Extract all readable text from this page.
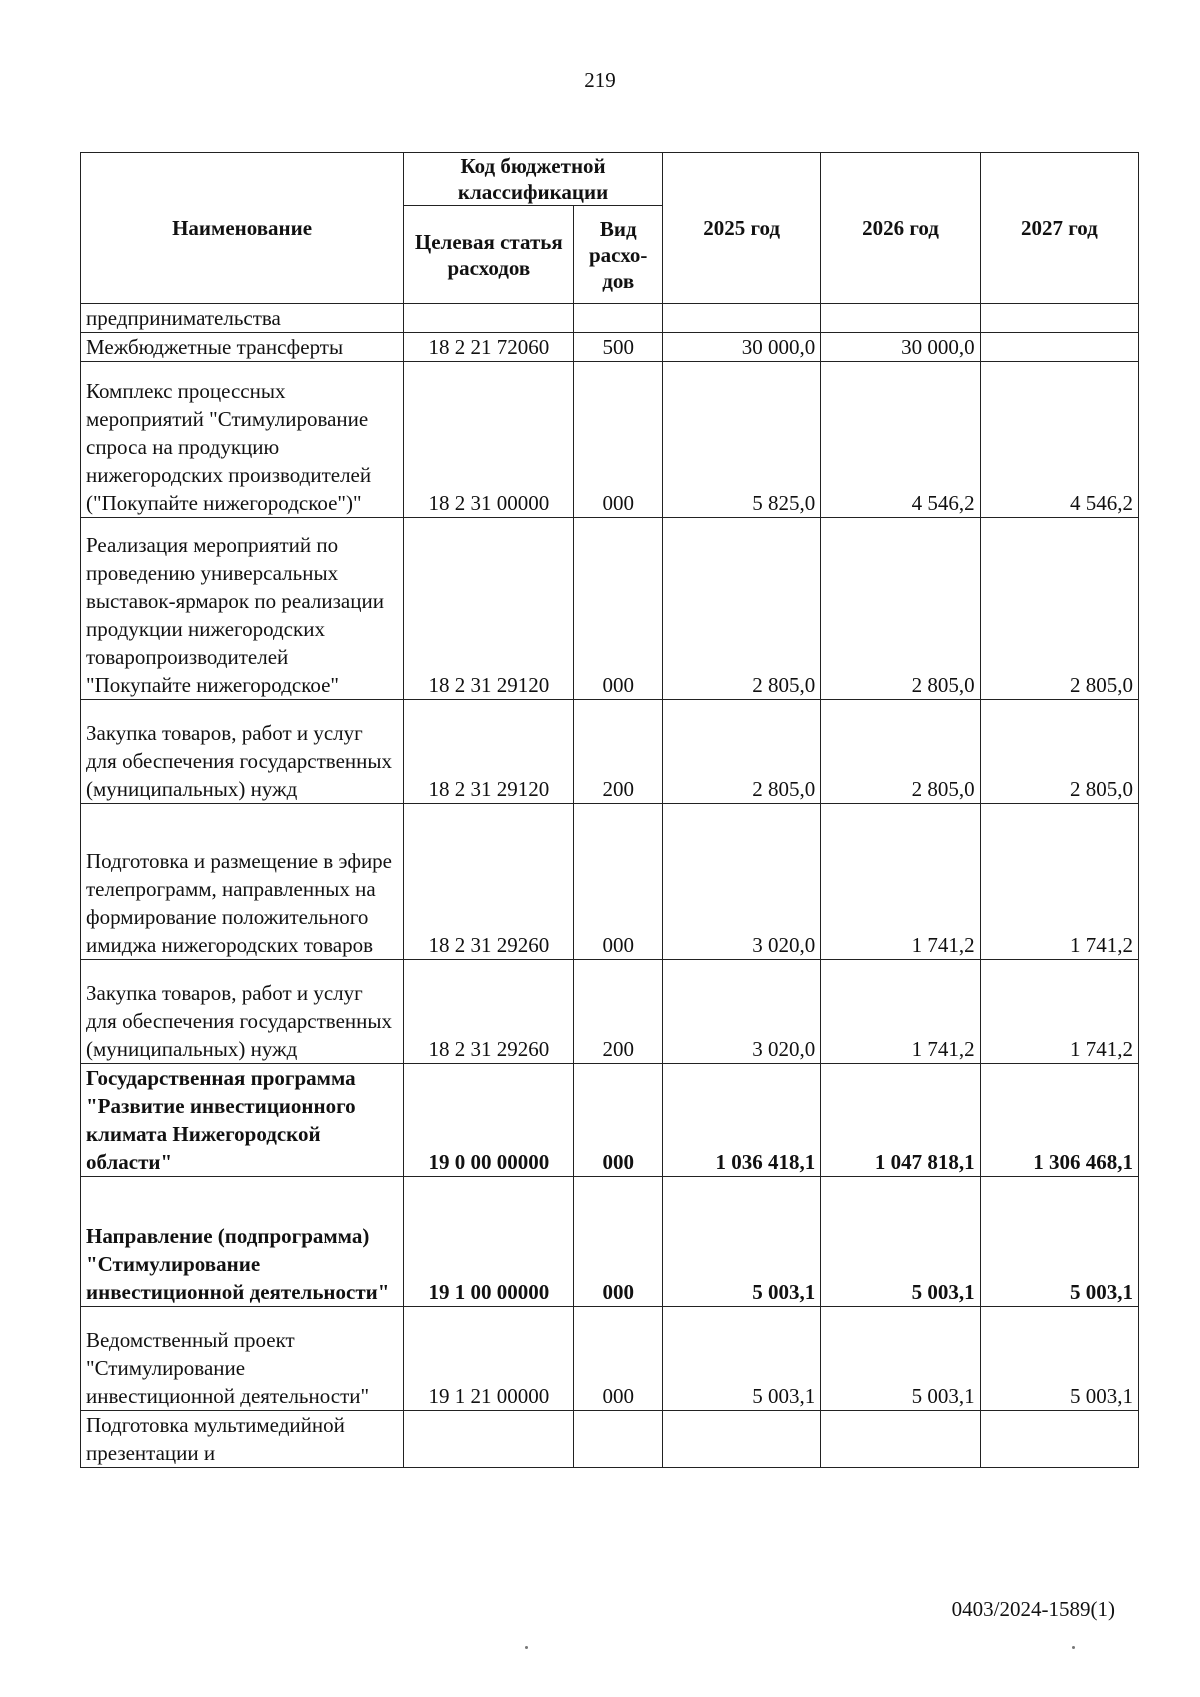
219
Наименование	Код бюджетной классификации		2025 год	2026 год	2027 год
	Целевая статья расходов	Вид расхо-дов			
предпринимательства					
Межбюджетные трансферты	18 2 21 72060	500	30 000,0	30 000,0	
Комплекс процессных мероприятий "Стимулирование спроса на продукцию нижегородских производителей ("Покупайте нижегородское")"	18 2 31 00000	000	5 825,0	4 546,2	4 546,2
Реализация мероприятий по проведению универсальных выставок-ярмарок по реализации продукции нижегородских товаропроизводителей "Покупайте нижегородское"	18 2 31 29120	000	2 805,0	2 805,0	2 805,0
Закупка товаров, работ и услуг для обеспечения государственных (муниципальных) нужд	18 2 31 29120	200	2 805,0	2 805,0	2 805,0
Подготовка и размещение в эфире телепрограмм, направленных на формирование положительного имиджа нижегородских товаров	18 2 31 29260	000	3 020,0	1 741,2	1 741,2
Закупка товаров, работ и услуг для обеспечения государственных (муниципальных) нужд	18 2 31 29260	200	3 020,0	1 741,2	1 741,2
Государственная программа "Развитие инвестиционного климата Нижегородской области"	19 0 00 00000	000	1 036 418,1	1 047 818,1	1 306 468,1
Направление (подпрограмма) "Стимулирование инвестиционной деятельности"	19 1 00 00000	000	5 003,1	5 003,1	5 003,1
Ведомственный проект "Стимулирование инвестиционной деятельности"	19 1 21 00000	000	5 003,1	5 003,1	5 003,1
Подготовка мультимедийной презентации и					
0403/2024-1589(1)
